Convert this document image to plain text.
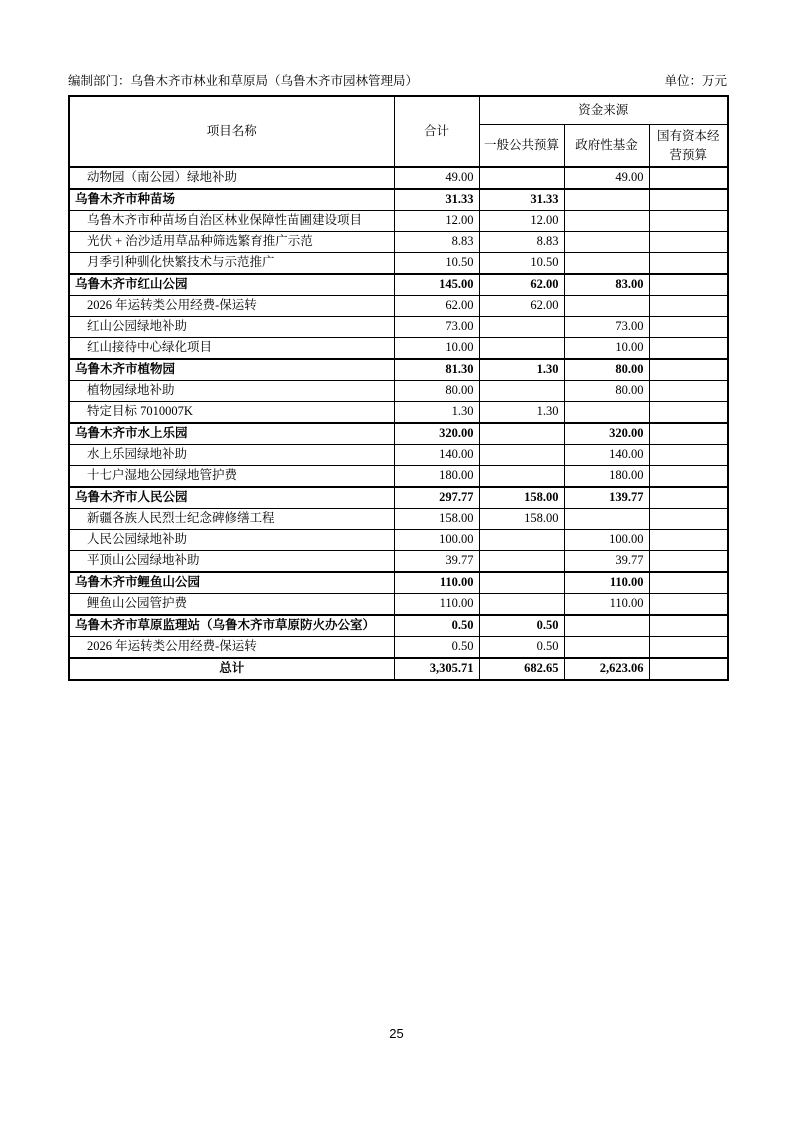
编制部门：乌鲁木齐市林业和草原局（乌鲁木齐市园林管理局）	单位：万元
项目名称	合计	资金来源		
		一般公共预算	政府性基金	国有资本经营预算
动物园（南公园）绿地补助	49.00		49.00	
乌鲁木齐市种苗场	31.33	31.33		
乌鲁木齐市种苗场自治区林业保障性苗圃建设项目	12.00	12.00		
光伏 + 治沙适用草品种筛选繁育推广示范	8.83	8.83		
月季引种驯化快繁技术与示范推广	10.50	10.50		
乌鲁木齐市红山公园	145.00	62.00	83.00	
2026 年运转类公用经费-保运转	62.00	62.00		
红山公园绿地补助	73.00		73.00	
红山接待中心绿化项目	10.00		10.00	
乌鲁木齐市植物园	81.30	1.30	80.00	
植物园绿地补助	80.00		80.00	
特定目标 7010007K	1.30	1.30		
乌鲁木齐市水上乐园	320.00		320.00	
水上乐园绿地补助	140.00		140.00	
十七户湿地公园绿地管护费	180.00		180.00	
乌鲁木齐市人民公园	297.77	158.00	139.77	
新疆各族人民烈士纪念碑修缮工程	158.00	158.00		
人民公园绿地补助	100.00		100.00	
平顶山公园绿地补助	39.77		39.77	
乌鲁木齐市鲤鱼山公园	110.00		110.00	
鲤鱼山公园管护费	110.00		110.00	
乌鲁木齐市草原监理站（乌鲁木齐市草原防火办公室）	0.50	0.50		
2026 年运转类公用经费-保运转	0.50	0.50		
总计	3,305.71	682.65	2,623.06	
25
